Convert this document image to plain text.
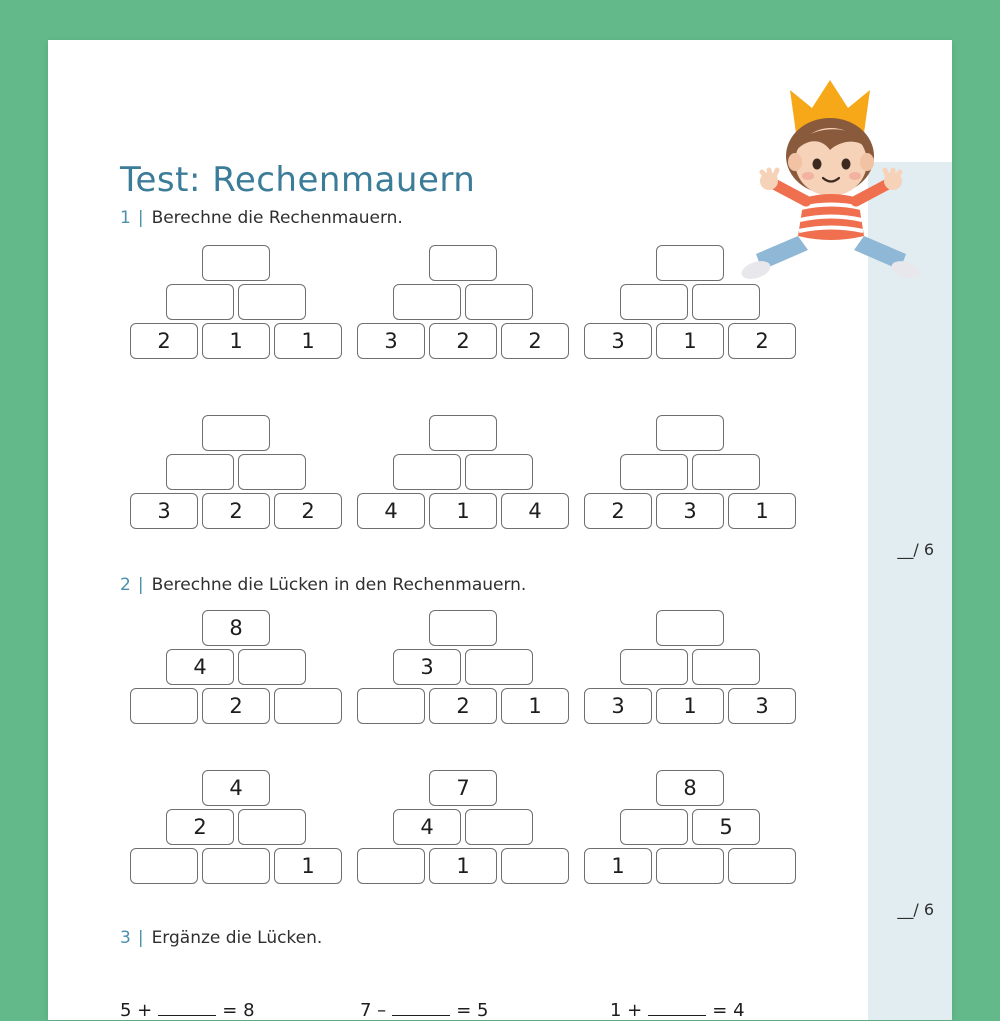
Test: Rechenmauern
1 | Berechne die Rechenmauern.
2	1	1	3	2	2	3	1	2
3	2	2	4	1	4	2	3	1
__/ 6
2 | Berechne die Lücken in den Rechenmauern.
8
4
2
3
2	1	3	1	3
4
2
1
7
4
1
8
5
1
__/ 6
3 | Ergänze die Lücken.
5 +	= 8	7 –	= 5	1 +	= 4
